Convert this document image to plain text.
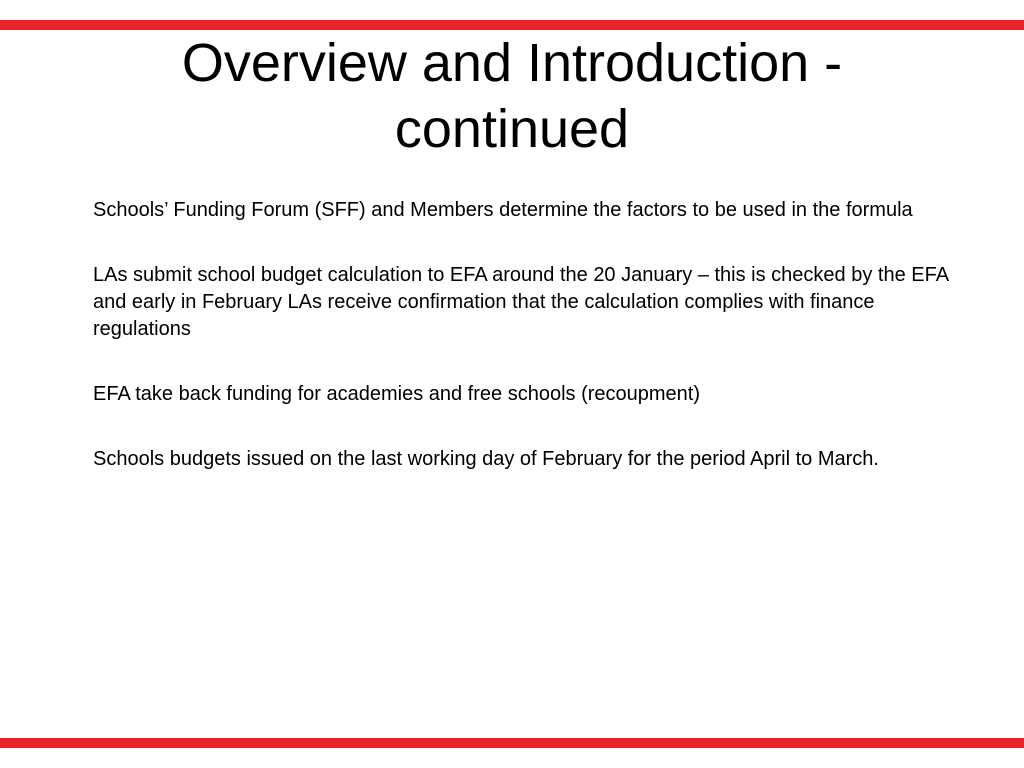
Overview and Introduction -
continued

Schools’ Funding Forum (SFF) and Members determine the factors to be used in the formula

LAs submit school budget calculation to EFA around the 20 January – this is checked by the EFA and early in February LAs receive confirmation that the calculation complies with finance regulations

EFA take back funding for academies and free schools (recoupment)

Schools budgets issued on the last working day of February for the period April to March.
